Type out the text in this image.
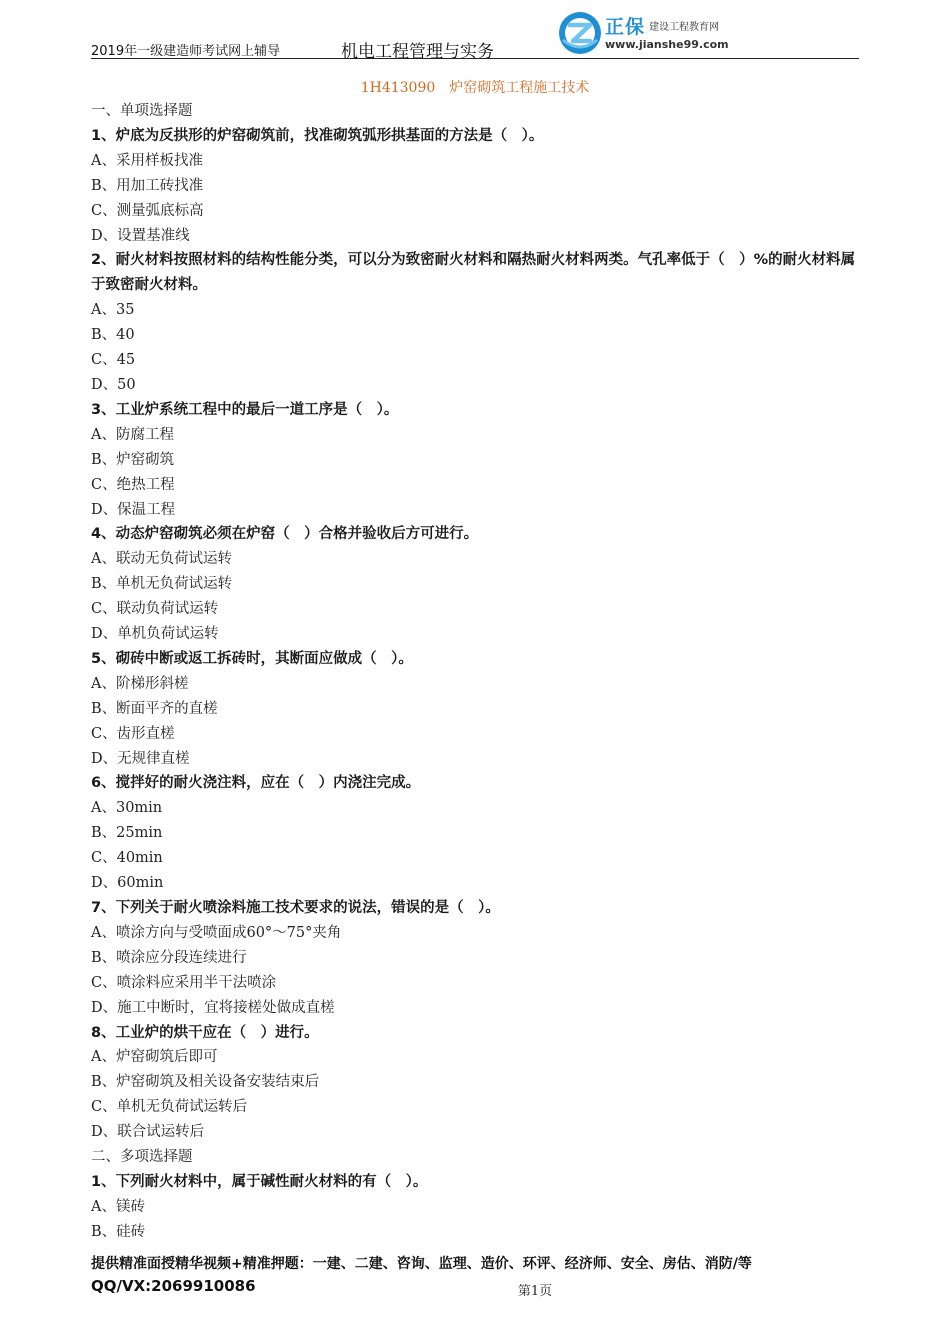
2019年一级建造师考试网上辅导	机电工程管理与实务
正保 建设工程教育网
www.jianshe99.com
1H413090　炉窑砌筑工程施工技术
一、单项选择题
1、炉底为反拱形的炉窑砌筑前，找准砌筑弧形拱基面的方法是（　）。
A、采用样板找准
B、用加工砖找准
C、测量弧底标高
D、设置基准线
2、耐火材料按照材料的结构性能分类，可以分为致密耐火材料和隔热耐火材料两类。气孔率低于（　）%的耐火材料属于致密耐火材料。
A、35
B、40
C、45
D、50
3、工业炉系统工程中的最后一道工序是（　）。
A、防腐工程
B、炉窑砌筑
C、绝热工程
D、保温工程
4、动态炉窑砌筑必须在炉窑（　）合格并验收后方可进行。
A、联动无负荷试运转
B、单机无负荷试运转
C、联动负荷试运转
D、单机负荷试运转
5、砌砖中断或返工拆砖时，其断面应做成（　）。
A、阶梯形斜槎
B、断面平齐的直槎
C、齿形直槎
D、无规律直槎
6、搅拌好的耐火浇注料，应在（　）内浇注完成。
A、30min
B、25min
C、40min
D、60min
7、下列关于耐火喷涂料施工技术要求的说法，错误的是（　）。
A、喷涂方向与受喷面成60°～75°夹角
B、喷涂应分段连续进行
C、喷涂料应采用半干法喷涂
D、施工中断时，宜将接槎处做成直槎
8、工业炉的烘干应在（　）进行。
A、炉窑砌筑后即可
B、炉窑砌筑及相关设备安装结束后
C、单机无负荷试运转后
D、联合试运转后
二、多项选择题
1、下列耐火材料中，属于碱性耐火材料的有（　）。
A、镁砖
B、硅砖
提供精准面授精华视频+精准押题：一建、二建、咨询、监理、造价、环评、经济师、安全、房估、消防/等
QQ/VX:2069910086	第1页
